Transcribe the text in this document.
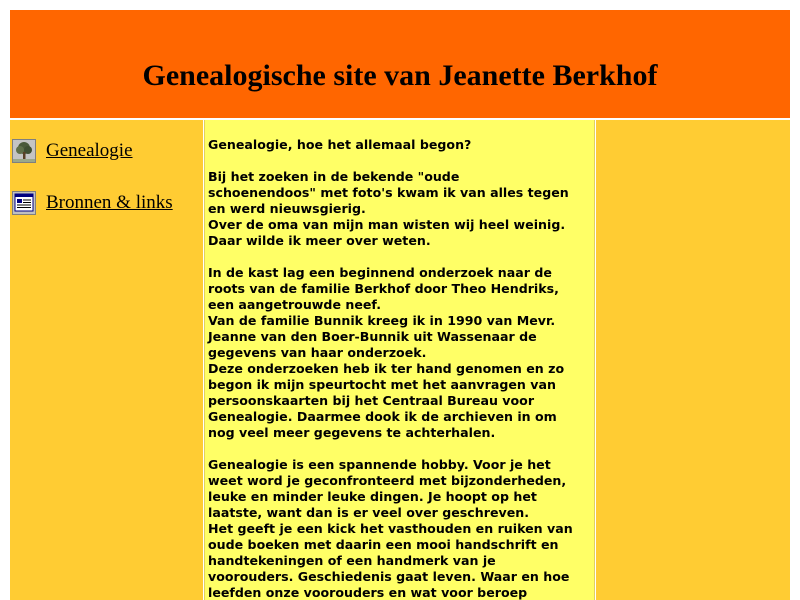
Genealogische site van Jeanette Berkhof
Genealogie
Bronnen & links

Genealogie, hoe het allemaal begon?

Bij het zoeken in de bekende "oude
schoenendoos" met foto's kwam ik van alles tegen
en werd nieuwsgierig.
Over de oma van mijn man wisten wij heel weinig.
Daar wilde ik meer over weten.

In de kast lag een beginnend onderzoek naar de
roots van de familie Berkhof door Theo Hendriks,
een aangetrouwde neef.
Van de familie Bunnik kreeg ik in 1990 van Mevr.
Jeanne van den Boer-Bunnik uit Wassenaar de
gegevens van haar onderzoek.
Deze onderzoeken heb ik ter hand genomen en zo
begon ik mijn speurtocht met het aanvragen van
persoonskaarten bij het Centraal Bureau voor
Genealogie. Daarmee dook ik de archieven in om
nog veel meer gegevens te achterhalen.

Genealogie is een spannende hobby. Voor je het
weet word je geconfronteerd met bijzonderheden,
leuke en minder leuke dingen. Je hoopt op het
laatste, want dan is er veel over geschreven.
Het geeft je een kick het vasthouden en ruiken van
oude boeken met daarin een mooi handschrift en
handtekeningen of een handmerk van je
voorouders. Geschiedenis gaat leven. Waar en hoe
leefden onze voorouders en wat voor beroep
